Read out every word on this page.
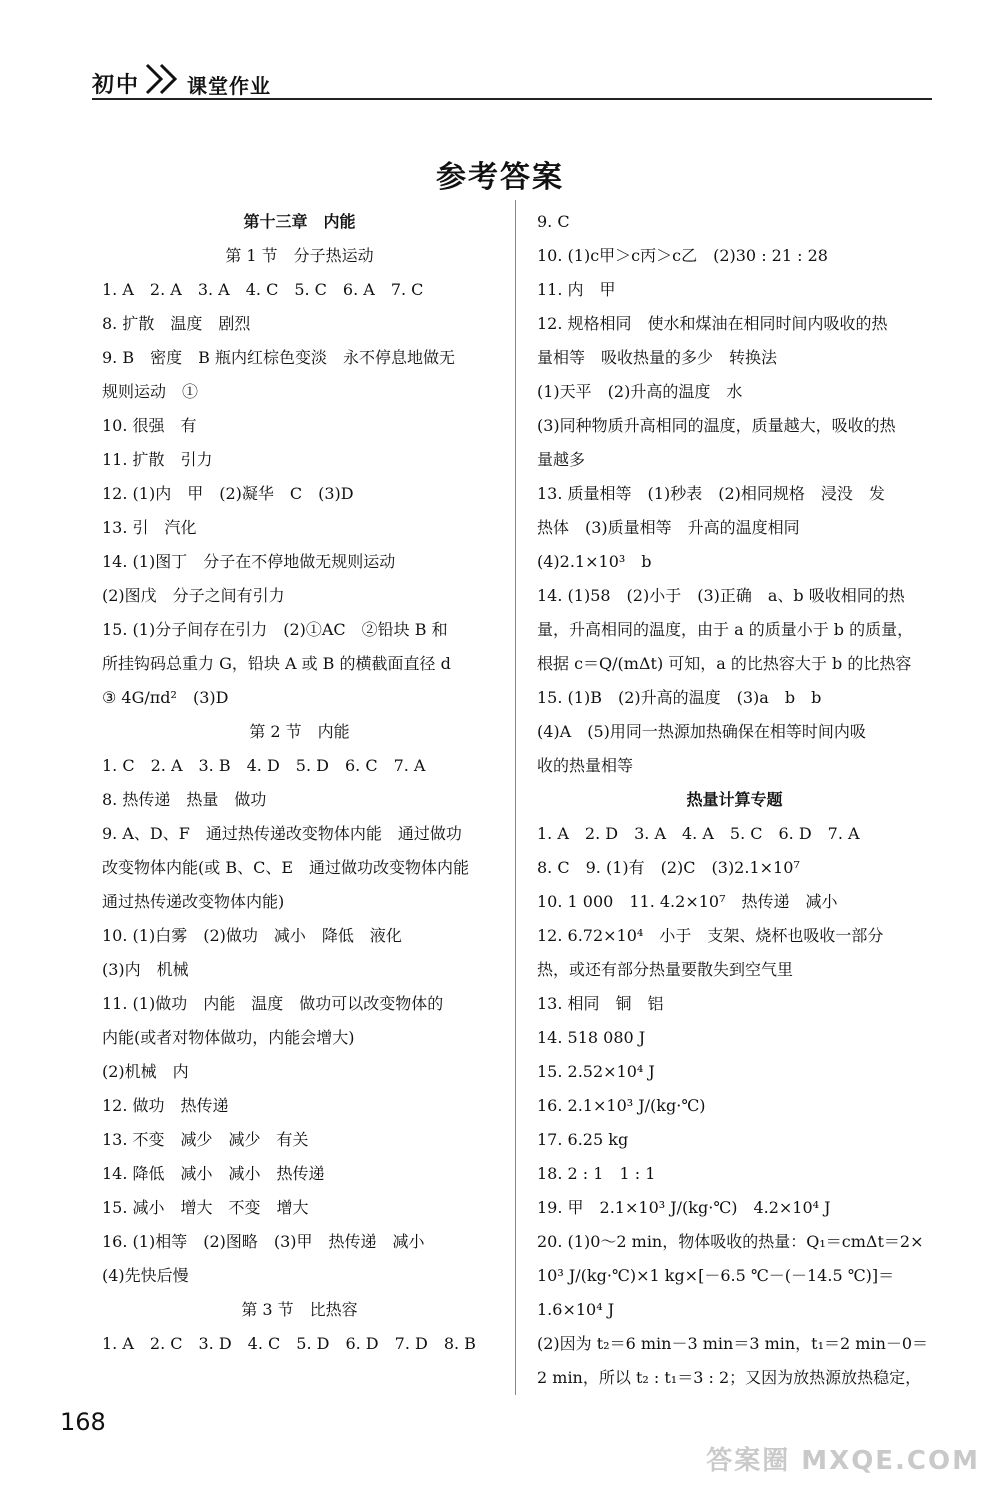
初中 课堂作业
参考答案
第十三章　内能
第 1 节　分子热运动
1. A　2. A　3. A　4. C　5. C　6. A　7. C
8. 扩散　温度　剧烈
9. B　密度　B 瓶内红棕色变淡　永不停息地做无
规则运动　①
10. 很强　有
11. 扩散　引力
12. (1)内　甲　(2)凝华　C　(3)D
13. 引　汽化
14. (1)图丁　分子在不停地做无规则运动
(2)图戊　分子之间有引力
15. (1)分子间存在引力　(2)①AC　②铅块 B 和
所挂钩码总重力 G，铅块 A 或 B 的横截面直径 d
③ 4G/πd²　(3)D
第 2 节　内能
1. C　2. A　3. B　4. D　5. D　6. C　7. A
8. 热传递　热量　做功
9. A、D、F　通过热传递改变物体内能　通过做功
改变物体内能(或 B、C、E　通过做功改变物体内能
通过热传递改变物体内能)
10. (1)白雾　(2)做功　减小　降低　液化
(3)内　机械
11. (1)做功　内能　温度　做功可以改变物体的
内能(或者对物体做功，内能会增大)
(2)机械　内
12. 做功　热传递
13. 不变　减少　减少　有关
14. 降低　减小　减小　热传递
15. 减小　增大　不变　增大
16. (1)相等　(2)图略　(3)甲　热传递　减小
(4)先快后慢
第 3 节　比热容
1. A　2. C　3. D　4. C　5. D　6. D　7. D　8. B
9. C
10. (1)c甲＞c丙＞c乙　(2)30 : 21 : 28
11. 内　甲
12. 规格相同　使水和煤油在相同时间内吸收的热
量相等　吸收热量的多少　转换法
(1)天平　(2)升高的温度　水
(3)同种物质升高相同的温度，质量越大，吸收的热
量越多
13. 质量相等　(1)秒表　(2)相同规格　浸没　发
热体　(3)质量相等　升高的温度相同
(4)2.1×10³　b
14. (1)58　(2)小于　(3)正确　a、b 吸收相同的热
量，升高相同的温度，由于 a 的质量小于 b 的质量，
根据 c＝Q/(mΔt) 可知，a 的比热容大于 b 的比热容
15. (1)B　(2)升高的温度　(3)a　b　b
(4)A　(5)用同一热源加热确保在相等时间内吸
收的热量相等
热量计算专题
1. A　2. D　3. A　4. A　5. C　6. D　7. A
8. C　9. (1)有　(2)C　(3)2.1×10⁷
10. 1 000　11. 4.2×10⁷　热传递　减小
12. 6.72×10⁴　小于　支架、烧杯也吸收一部分
热，或还有部分热量要散失到空气里
13. 相同　铜　铝
14. 518 080 J
15. 2.52×10⁴ J
16. 2.1×10³ J/(kg·℃)
17. 6.25 kg
18. 2 : 1　1 : 1
19. 甲　2.1×10³ J/(kg·℃)　4.2×10⁴ J
20. (1)0～2 min，物体吸收的热量：Q₁＝cmΔt＝2×
10³ J/(kg·℃)×1 kg×[－6.5 ℃－(－14.5 ℃)]＝
1.6×10⁴ J
(2)因为 t₂＝6 min－3 min＝3 min，t₁＝2 min－0＝
2 min，所以 t₂ : t₁＝3 : 2；又因为放热源放热稳定，
168
答案圈 MXQE.COM
